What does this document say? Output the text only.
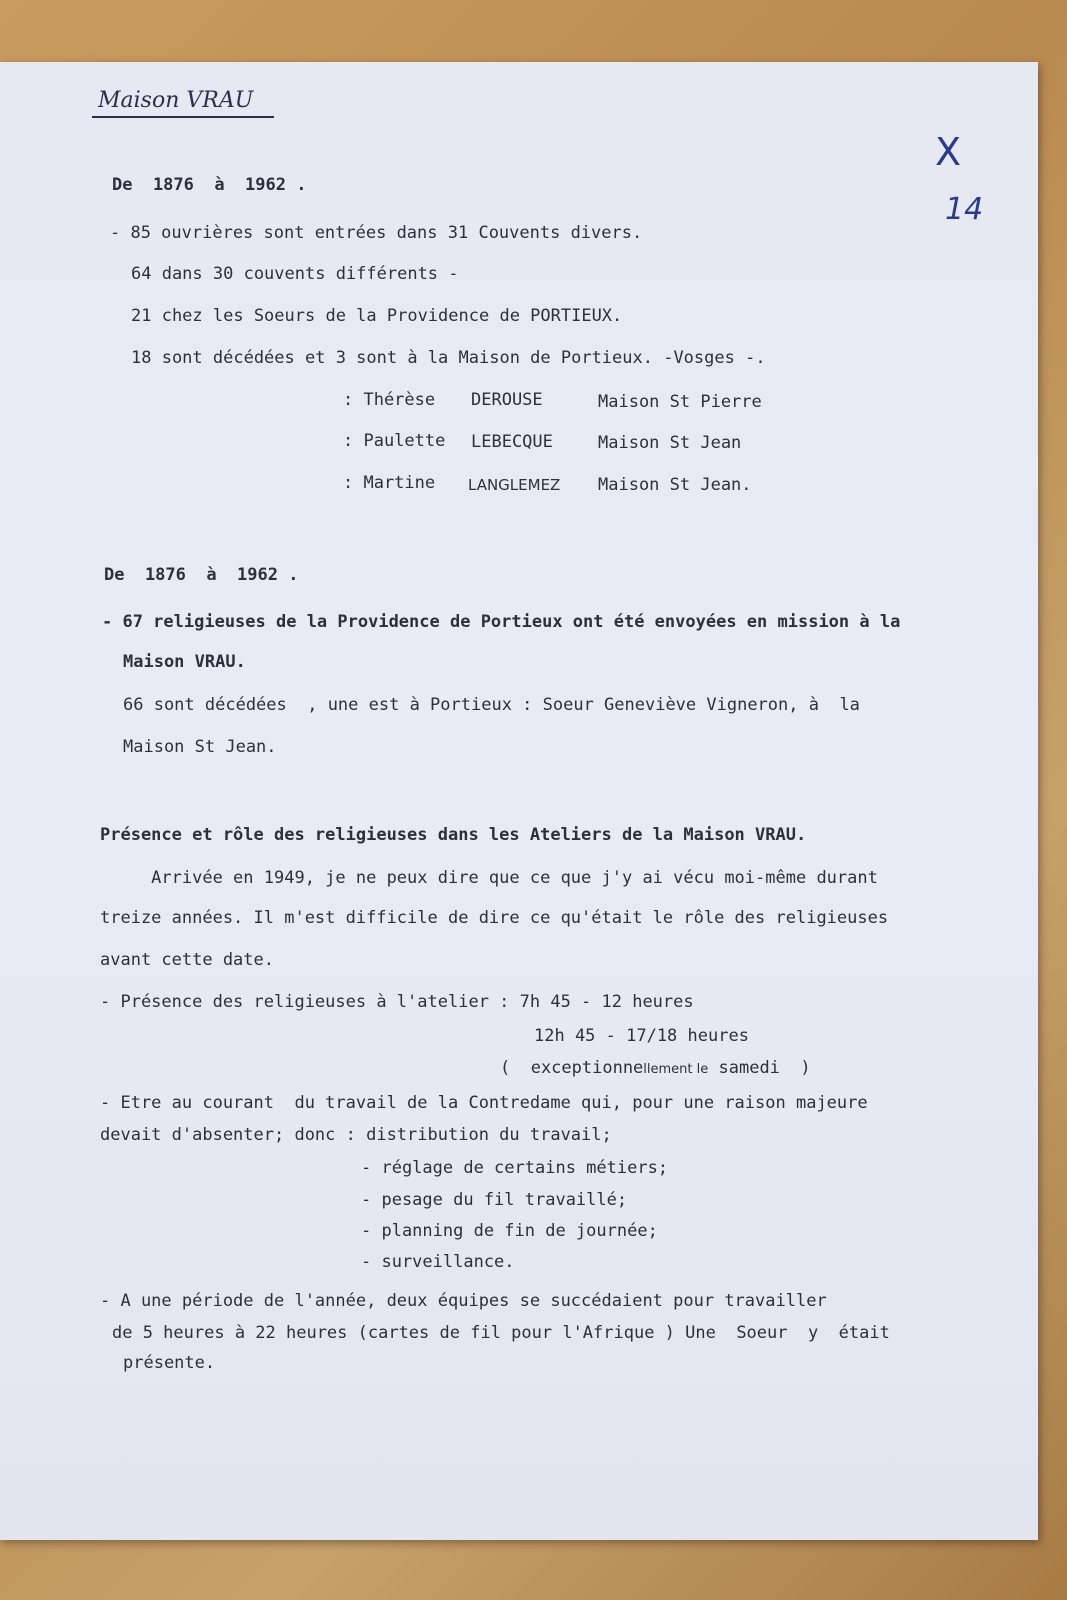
Maison VRAU
X
14
De  1876  à  1962 .
- 85 ouvrières sont entrées dans 31 Couvents divers.
64 dans 30 couvents différents -
21 chez les Soeurs de la Providence de PORTIEUX.
18 sont décédées et 3 sont à la Maison de Portieux. -Vosges -.
: Thérèse DEROUSE	Maison St Pierre
: Paulette LEBECQUE	Maison St Jean
: Martine LANGLEMEZ Maison St Jean.
De  1876  à  1962 .
- 67 religieuses de la Providence de Portieux ont été envoyées en mission à la
Maison VRAU.
66 sont décédées  , une est à Portieux : Soeur Geneviève Vigneron, à  la
Maison St Jean.
Présence et rôle des religieuses dans les Ateliers de la Maison VRAU.
Arrivée en 1949, je ne peux dire que ce que j'y ai vécu moi-même durant
treize années. Il m'est difficile de dire ce qu'était le rôle des religieuses
avant cette date.
- Présence des religieuses à l'atelier : 7h 45 - 12 heures
12h 45 - 17/18 heures
(  exceptionnellement le samedi  )
- Etre au courant  du travail de la Contredame qui, pour une raison majeure
devait d'absenter; donc : distribution du travail;
- réglage de certains métiers;
- pesage du fil travaillé;
- planning de fin de journée;
- surveillance.
- A une période de l'année, deux équipes se succédaient pour travailler
de 5 heures à 22 heures (cartes de fil pour l'Afrique ) Une  Soeur  y  était
présente.
